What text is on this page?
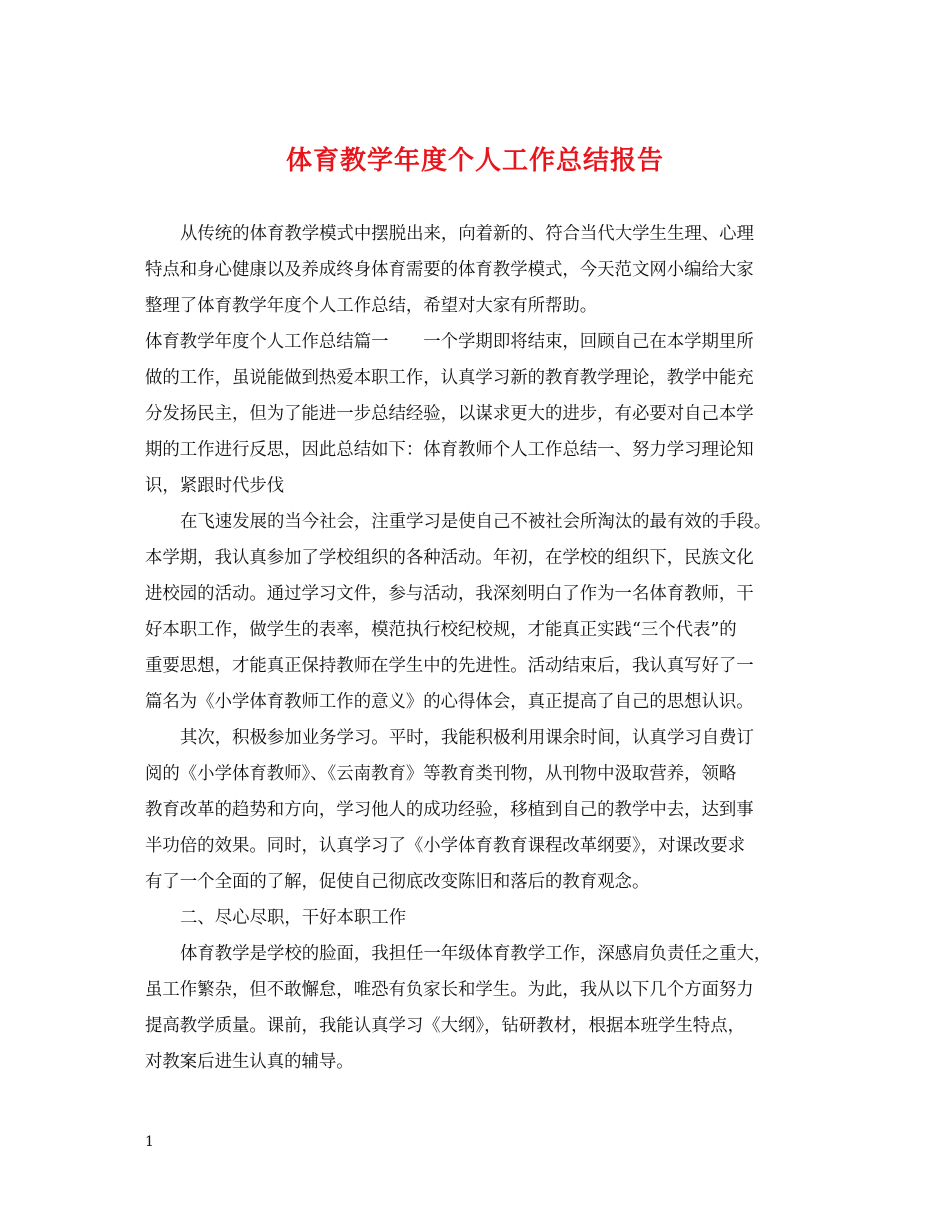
体育教学年度个人工作总结报告

从传统的体育教学模式中摆脱出来，向着新的、符合当代大学生生理、心理

特点和身心健康以及养成终身体育需要的体育教学模式，今天范文网小编给大家

整理了体育教学年度个人工作总结，希望对大家有所帮助。

体育教学年度个人工作总结篇一　　一个学期即将结束，回顾自己在本学期里所

做的工作，虽说能做到热爱本职工作，认真学习新的教育教学理论，教学中能充

分发扬民主，但为了能进一步总结经验，以谋求更大的进步，有必要对自己本学

期的工作进行反思，因此总结如下：体育教师个人工作总结一、努力学习理论知

识，紧跟时代步伐

在飞速发展的当今社会，注重学习是使自己不被社会所淘汰的最有效的手段。

本学期，我认真参加了学校组织的各种活动。年初，在学校的组织下，民族文化

进校园的活动。通过学习文件，参与活动，我深刻明白了作为一名体育教师，干

好本职工作，做学生的表率，模范执行校纪校规，才能真正实践“三个代表”的

重要思想，才能真正保持教师在学生中的先进性。活动结束后，我认真写好了一

篇名为《小学体育教师工作的意义》的心得体会，真正提高了自己的思想认识。

其次，积极参加业务学习。平时，我能积极利用课余时间，认真学习自费订

阅的《小学体育教师》、《云南教育》等教育类刊物，从刊物中汲取营养，领略

教育改革的趋势和方向，学习他人的成功经验，移植到自己的教学中去，达到事

半功倍的效果。同时，认真学习了《小学体育教育课程改革纲要》，对课改要求

有了一个全面的了解，促使自己彻底改变陈旧和落后的教育观念。

二、尽心尽职，干好本职工作

体育教学是学校的脸面，我担任一年级体育教学工作，深感肩负责任之重大，

虽工作繁杂，但不敢懈怠，唯恐有负家长和学生。为此，我从以下几个方面努力

提高教学质量。课前，我能认真学习《大纲》，钻研教材，根据本班学生特点，

对教案后进生认真的辅导。

1
